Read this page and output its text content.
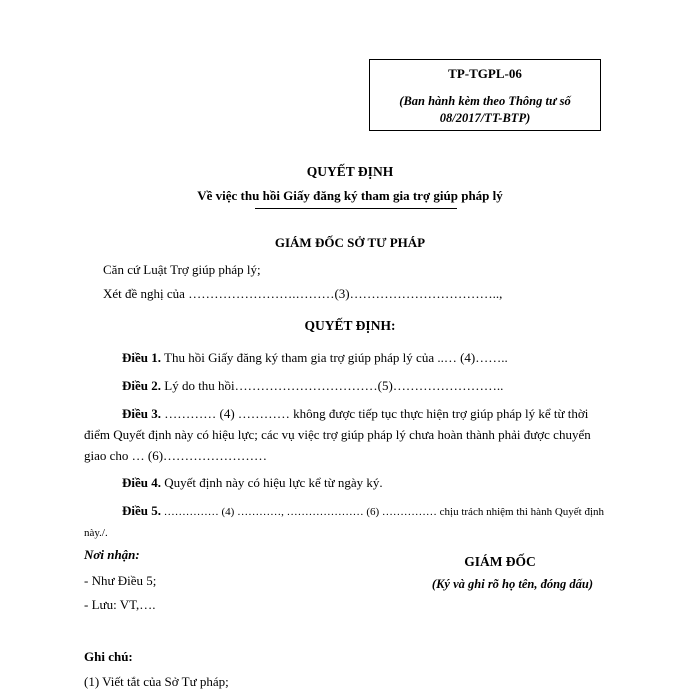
TP-TGPL-06
(Ban hành kèm theo Thông tư số
08/2017/TT-BTP)
QUYẾT ĐỊNH
Về việc thu hồi Giấy đăng ký tham gia trợ giúp pháp lý
GIÁM ĐỐC SỞ TƯ PHÁP
Căn cứ Luật Trợ giúp pháp lý;
Xét đề nghị của …………………….………(3)……………………………..,
QUYẾT ĐỊNH:
Điều 1. Thu hồi Giấy đăng ký tham gia trợ giúp pháp lý của ..… (4)……..
Điều 2. Lý do thu hồi……………………………(5)……………………..
Điều 3. ………… (4) ………… không được tiếp tục thực hiện trợ giúp pháp lý kể từ thời
điểm Quyết định này có hiệu lực; các vụ việc trợ giúp pháp lý chưa hoàn thành phải được chuyển
giao cho … (6)……………………
Điều 4. Quyết định này có hiệu lực kể từ ngày ký.
Điều 5. …………… (4) …………, ………………… (6) …………… chịu trách nhiệm thi hành Quyết định
này./.
Nơi nhận:
- Như Điều 5;
- Lưu: VT,….
GIÁM ĐỐC
(Ký và ghi rõ họ tên, đóng dấu)
Ghi chú:
(1) Viết tắt của Sở Tư pháp;
